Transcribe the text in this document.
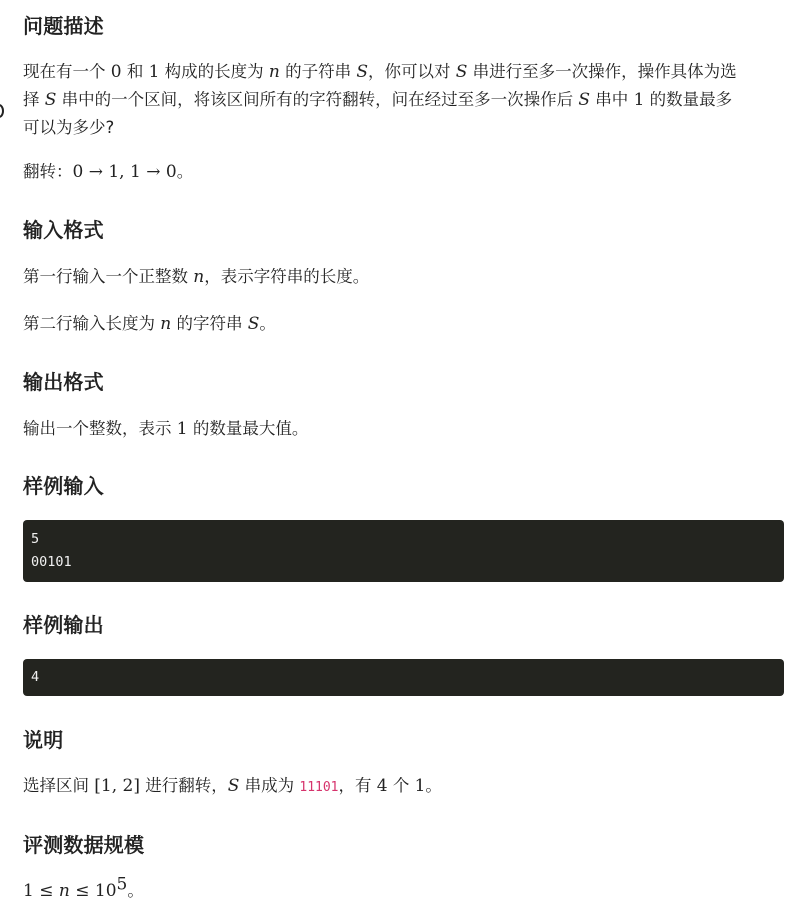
问题描述

现在有一个 0 和 1 构成的长度为 n 的子符串 S，你可以对 S 串进行至多一次操作，操作具体为选
择 S 串中的一个区间，将该区间所有的字符翻转，问在经过至多一次操作后 S 串中 1 的数量最多
可以为多少?

翻转：0 → 1, 1 → 0。

输入格式

第一行输入一个正整数 n，表示字符串的长度。

第二行输入长度为 n 的字符串 S。

输出格式

输出一个整数，表示 1 的数量最大值。

样例输入
5
00101
样例输出
4
说明

选择区间 [1, 2] 进行翻转，S 串成为 11101，有 4 个 1。

评测数据规模

$1 \le n \le 10^5$。
